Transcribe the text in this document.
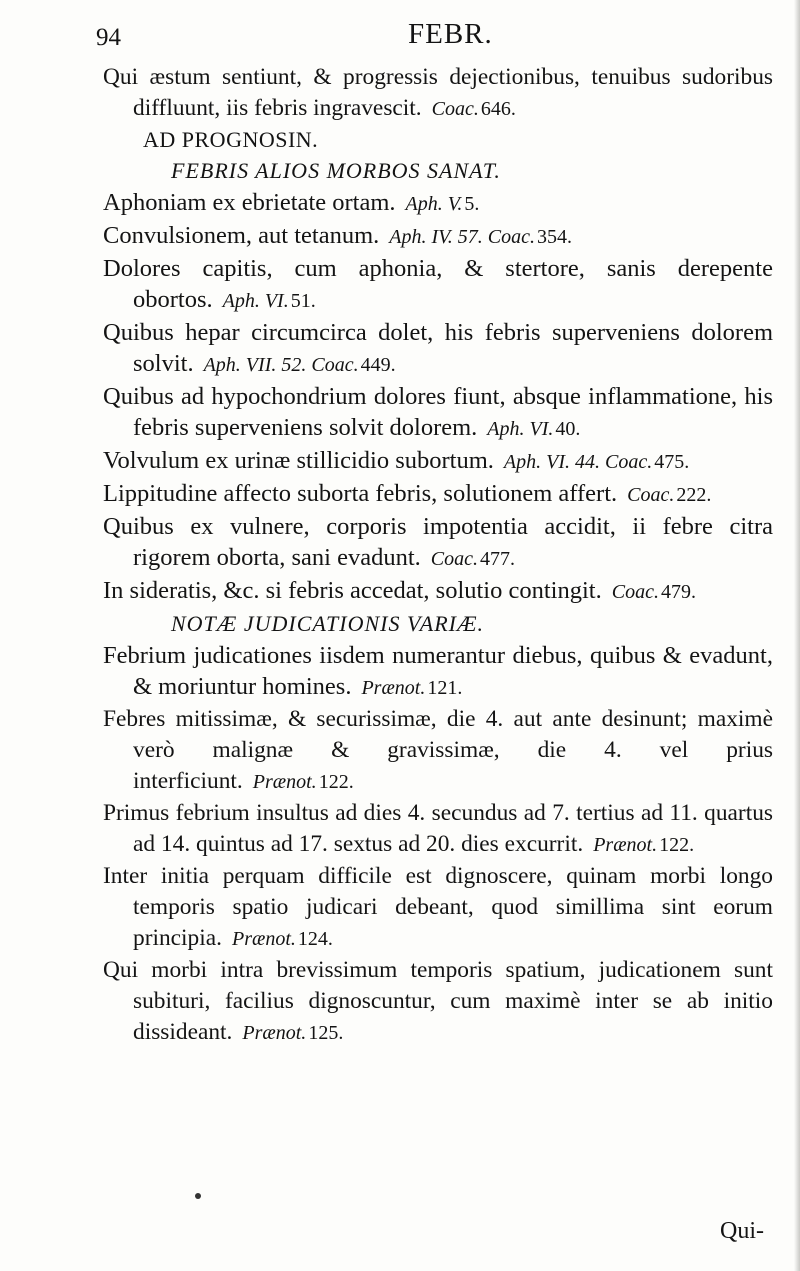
94	FEBR.

Qui æstum sentiunt, & progressis dejectionibus, tenuibus sudoribus diffluunt, iis febris ingravescit. Coac. 646.

AD PROGNOSIN.
FEBRIS ALIOS MORBOS SANAT.

Aphoniam ex ebrietate ortam. Aph. V. 5.

Convulsionem, aut tetanum. Aph. IV. 57. Coac. 354.

Dolores capitis, cum aphonia, & stertore, sanis derepente obortos. Aph. VI. 51.

Quibus hepar circumcirca dolet, his febris superveniens dolorem solvit. Aph. VII. 52. Coac. 449.

Quibus ad hypochondrium dolores fiunt, absque inflammatione, his febris superveniens solvit dolorem. Aph. VI. 40.

Volvulum ex urinæ stillicidio subortum. Aph. VI. 44. Coac. 475.

Lippitudine affecto suborta febris, solutionem affert. Coac. 222.

Quibus ex vulnere, corporis impotentia accidit, ii febre citra rigorem oborta, sani evadunt. Coac. 477.

In sideratis, &c. si febris accedat, solutio contingit. Coac. 479.

NOTÆ JUDICATIONIS VARIÆ.

Febrium judicationes iisdem numerantur diebus, quibus & evadunt, & moriuntur homines. Prænot. 121.

Febres mitissimæ, & securissimæ, die 4. aut ante desinunt; maximè verò malignæ & gravissimæ, die 4. vel prius interficiunt. Prænot. 122.

Primus febrium insultus ad dies 4. secundus ad 7. tertius ad 11. quartus ad 14. quintus ad 17. sextus ad 20. dies excurrit. Prænot. 122.

Inter initia perquam difficile est dignoscere, quinam morbi longo temporis spatio judicari debeant, quod simillima sint eorum principia. Prænot. 124.

Qui morbi intra brevissimum temporis spatium, judicationem sunt subituri, facilius dignoscuntur, cum maximè inter se ab initio dissideant. Prænot. 125.

Qui-
